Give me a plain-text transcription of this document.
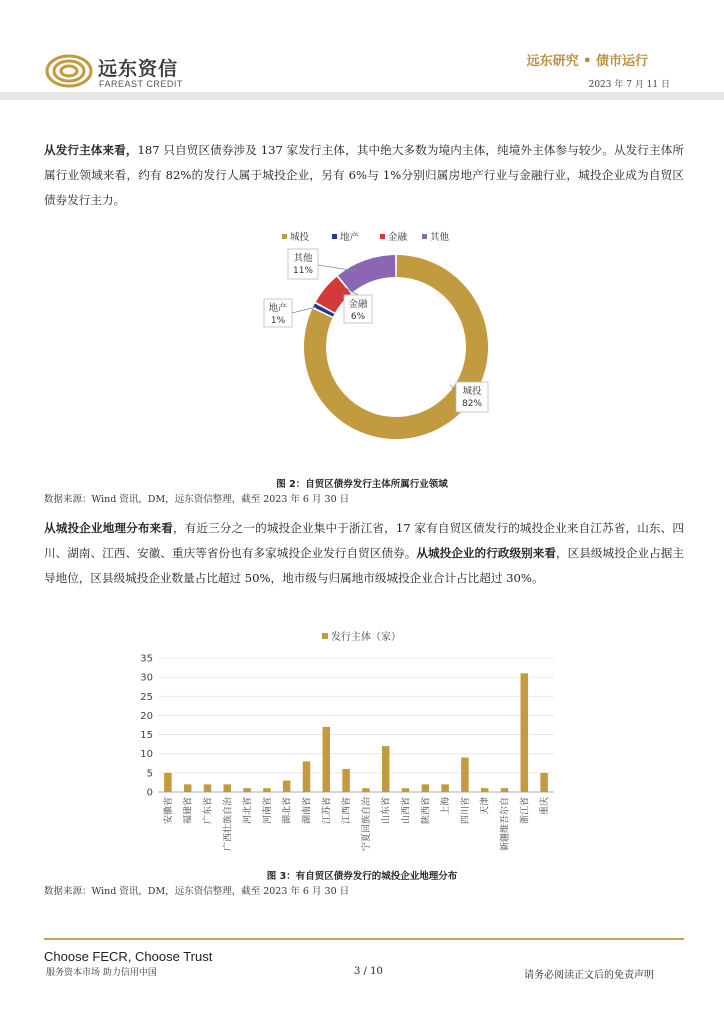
远东资信
FAREAST CREDIT
远东研究 • 债市运行
2023 年 7 月 11 日

从发行主体来看，187 只自贸区债券涉及 137 家发行主体，其中绝大多数为境内主体，纯境外主体参与较少。从发行主体所属行业领域来看，约有 82%的发行人属于城投企业，另有 6%与 1%分别归属房地产行业与金融行业，城投企业成为自贸区债券发行主力。

城投	地产	金融 其他
城投
82%
地产
1%
金融
6%
其他
11%
图 2：自贸区债券发行主体所属行业领域
数据来源：Wind 资讯，DM，远东资信整理，截至 2023 年 6 月 30 日

从城投企业地理分布来看，有近三分之一的城投企业集中于浙江省，17 家有自贸区债发行的城投企业来自江苏省，山东、四川、湖南、江西、安徽、重庆等省份也有多家城投企业发行自贸区债券。从城投企业的行政级别来看，区县级城投企业占据主导地位，区县级城投企业数量占比超过 50%，地市级与归属地市级城投企业合计占比超过 30%。

发行主体（家）
0
5
10
15
20
25
30
35
安徽省 福建省 广东省 广西壮族自治 河北省 河南省 湖北省 湖南省 江苏省 江西省 宁夏回族自治 山东省 山西省 陕西省 上海 四川省 天津 新疆维吾尔自 浙江省 重庆
图 3：有自贸区债券发行的城投企业地理分布
数据来源：Wind 资讯，DM，远东资信整理，截至 2023 年 6 月 30 日
Choose FECR, Choose Trust
服务资本市场 助力信用中国	3 / 10	请务必阅读正文后的免责声明
